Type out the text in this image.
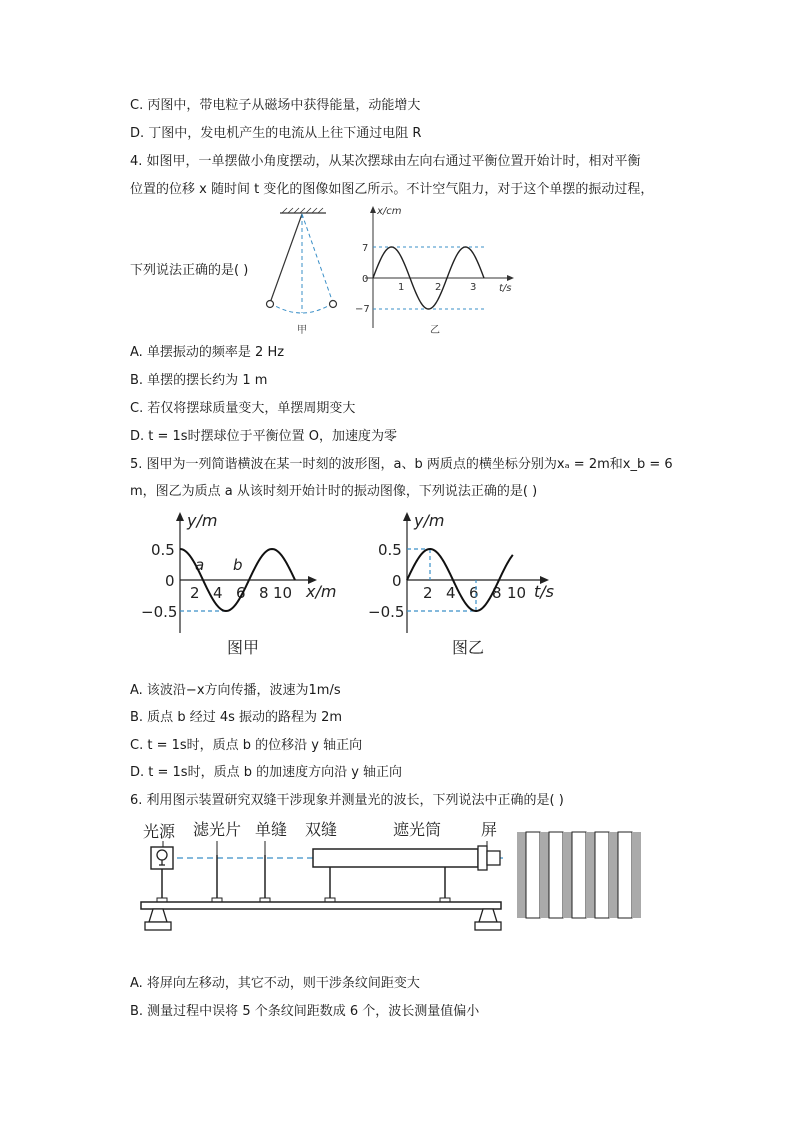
C. 丙图中，带电粒子从磁场中获得能量，动能增大
D. 丁图中，发电机产生的电流从上往下通过电阻 R
4. 如图甲，一单摆做小角度摆动，从某次摆球由左向右通过平衡位置开始计时，相对平衡
位置的位移 x 随时间 t 变化的图像如图乙所示。不计空气阻力，对于这个单摆的振动过程，
下列说法正确的是( )
甲
x/cm
t/s
7
0
−7
1	2	3
乙
A. 单摆振动的频率是 2 Hz
B. 单摆的摆长约为 1 m
C. 若仅将摆球质量变大，单摆周期变大
D. t = 1s时摆球位于平衡位置 O，加速度为零
5. 图甲为一列简谐横波在某一时刻的波形图，a、b 两质点的横坐标分别为xₐ = 2m和x_b = 6
m，图乙为质点 a 从该时刻开始计时的振动图像，下列说法正确的是( )
y/m
x/m
0.5
0
−0.5
2 4 6 8 10
a b
图甲
y/m
t/s
0.5
0
−0.5
2 4 6 8 10
图乙
A. 该波沿−x方向传播，波速为1m/s
B. 质点 b 经过 4s 振动的路程为 2m
C. t = 1s时，质点 b 的位移沿 y 轴正向
D. t = 1s时，质点 b 的加速度方向沿 y 轴正向
6. 利用图示装置研究双缝干涉现象并测量光的波长，下列说法中正确的是( )
光源 滤光片 单缝 双缝	遮光筒 屏
A. 将屏向左移动，其它不动，则干涉条纹间距变大
B. 测量过程中误将 5 个条纹间距数成 6 个，波长测量值偏小
